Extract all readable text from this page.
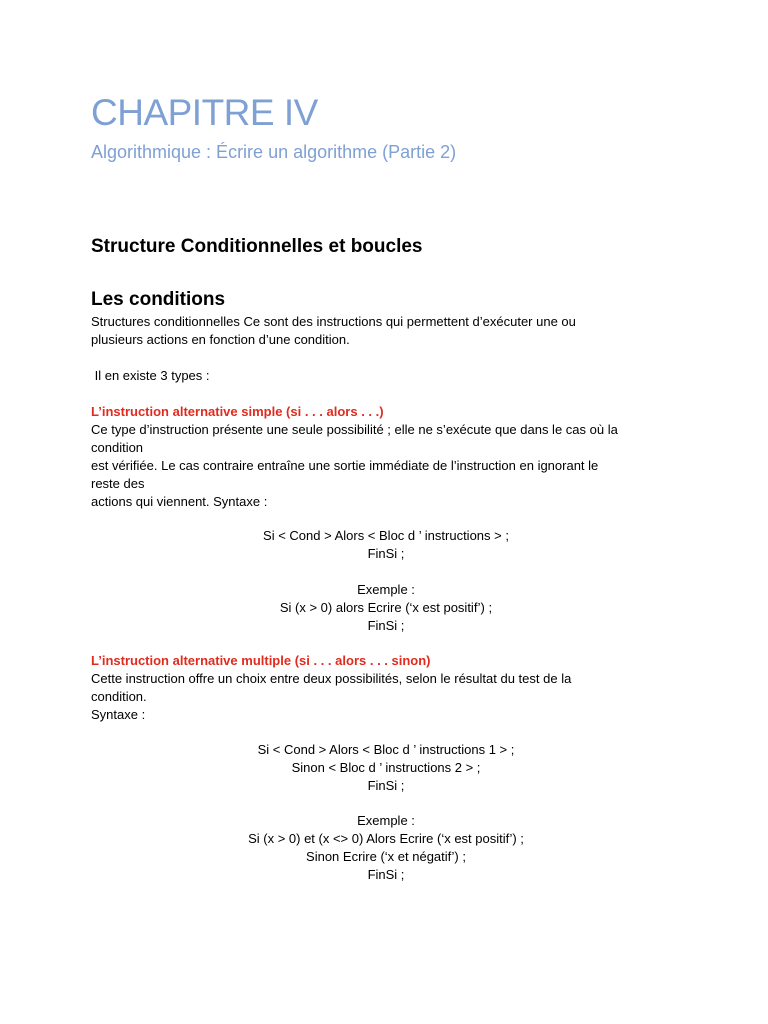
CHAPITRE IV
Algorithmique : Écrire un algorithme (Partie 2)
Structure Conditionnelles et boucles
Les conditions
Structures conditionnelles Ce sont des instructions qui permettent d’exécuter une ou
plusieurs actions en fonction d’une condition.
Il en existe 3 types :
L’instruction alternative simple (si . . . alors . . .)
Ce type d’instruction présente une seule possibilité ; elle ne s’exécute que dans le cas où la
condition
est vérifiée. Le cas contraire entraîne une sortie immédiate de l’instruction en ignorant le
reste des
actions qui viennent. Syntaxe :
Si < Cond > Alors < Bloc d ’ instructions > ;
FinSi ;
Exemple :
Si (x > 0) alors Ecrire (‘x est positif’) ;
FinSi ;
L’instruction alternative multiple (si . . . alors . . . sinon)
Cette instruction offre un choix entre deux possibilités, selon le résultat du test de la
condition.
Syntaxe :
Si < Cond > Alors < Bloc d ’ instructions 1 > ;
Sinon < Bloc d ’ instructions 2 > ;
FinSi ;
Exemple :
Si (x > 0) et (x <> 0) Alors Ecrire (‘x est positif’) ;
Sinon Ecrire (‘x et négatif’) ;
FinSi ;
